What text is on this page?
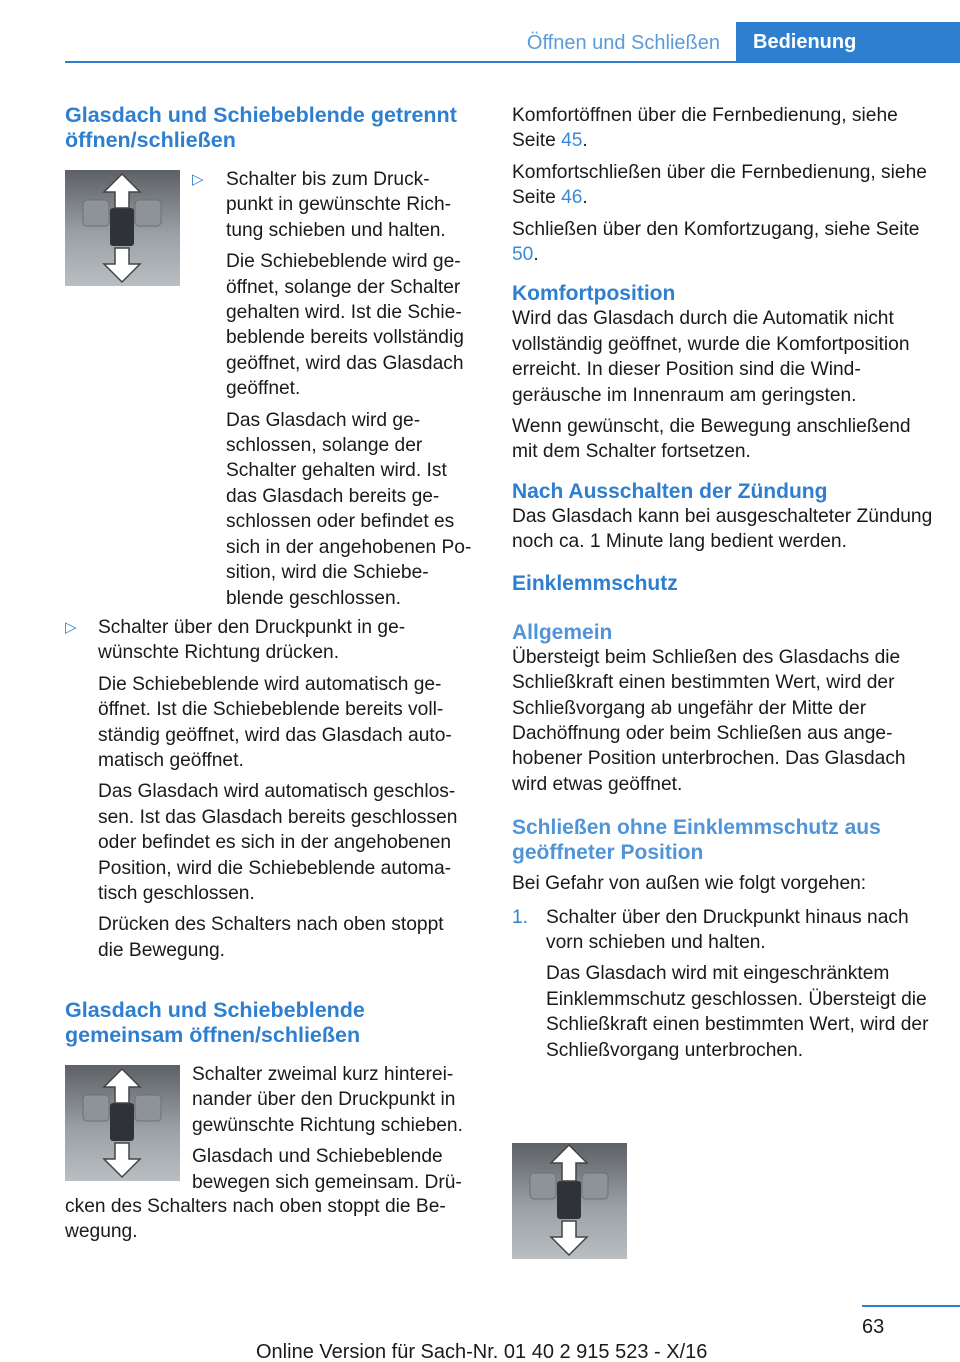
Öffnen und Schließen	Bedienung
Glasdach und Schiebeblende getrennt öffnen/schließen
▷ Schalter bis zum Druck-
punkt in gewünschte Rich-
tung schieben und halten.

Die Schiebeblende wird ge-
öffnet, solange der Schalter
gehalten wird. Ist die Schie-
beblende bereits vollständig
geöffnet, wird das Glasdach
geöffnet.

Das Glasdach wird ge-
schlossen, solange der
Schalter gehalten wird. Ist
das Glasdach bereits ge-
schlossen oder befindet es
sich in der angehobenen Po-
sition, wird die Schiebe-
blende geschlossen.

▷ Schalter über den Druckpunkt in ge-
wünschte Richtung drücken.

Die Schiebeblende wird automatisch ge-
öffnet. Ist die Schiebeblende bereits voll-
ständig geöffnet, wird das Glasdach auto-
matisch geöffnet.

Das Glasdach wird automatisch geschlos-
sen. Ist das Glasdach bereits geschlossen
oder befindet es sich in der angehobenen
Position, wird die Schiebeblende automa-
tisch geschlossen.

Drücken des Schalters nach oben stoppt
die Bewegung.

Glasdach und Schiebeblende gemeinsam öffnen/schließen

Schalter zweimal kurz hinterei-
nander über den Druckpunkt in
gewünschte Richtung schieben.

Glasdach und Schiebeblende
bewegen sich gemeinsam. Drü-

cken des Schalters nach oben stoppt die Be-
wegung.

Komfortöffnen über die Fernbedienung, siehe Seite 45.

Komfortschließen über die Fernbedienung, siehe Seite 46.

Schließen über den Komfortzugang, siehe Seite 50.

Komfortposition

Wird das Glasdach durch die Automatik nicht vollständig geöffnet, wurde die Komfortposition erreicht. In dieser Position sind die Windgeräusche im Innenraum am geringsten.

Wenn gewünscht, die Bewegung anschließend mit dem Schalter fortsetzen.

Nach Ausschalten der Zündung

Das Glasdach kann bei ausgeschalteter Zündung noch ca. 1 Minute lang bedient werden.

Einklemmschutz
Allgemein

Übersteigt beim Schließen des Glasdachs die Schließkraft einen bestimmten Wert, wird der Schließvorgang ab ungefähr der Mitte der Dachöffnung oder beim Schließen aus angehobener Position unterbrochen. Das Glasdach wird etwas geöffnet.

Schließen ohne Einklemmschutz aus geöffneter Position

Bei Gefahr von außen wie folgt vorgehen:

1. Schalter über den Druckpunkt hinaus nach vorn schieben und halten.

Das Glasdach wird mit eingeschränktem Einklemmschutz geschlossen. Übersteigt die Schließkraft einen bestimmten Wert, wird der Schließvorgang unterbrochen.

63
Online Version für Sach-Nr. 01 40 2 915 523 - X/16
